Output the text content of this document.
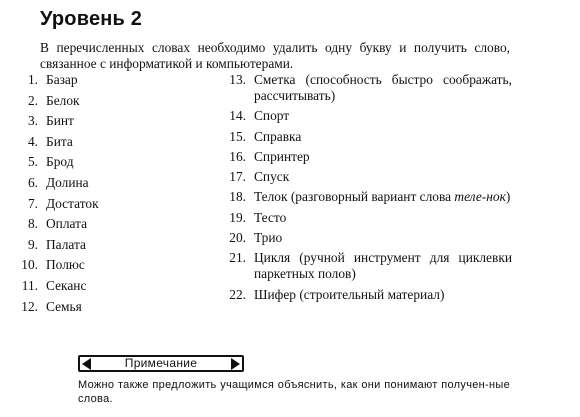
Уровень 2
В перечисленных словах необходимо удалить одну букву и получить слово, связанное с информатикой и компьютерами.
1. Базар
2. Белок
3. Бинт
4. Бита
5. Брод
6. Долина
7. Достаток
8. Оплата
9. Палата
10. Полюс
11. Секанс
12. Семья
13. Сметка (способность быстро соображать, рассчитывать)
14. Спорт
15. Справка
16. Спринтер
17. Спуск
18. Телок (разговорный вариант слова теле-нок)
19. Тесто
20. Трио
21. Цикля (ручной инструмент для циклевки паркетных полов)
22. Шифер (строительный материал)
Примечание
Можно также предложить учащимся объяснить, как они понимают получен-ные слова.
